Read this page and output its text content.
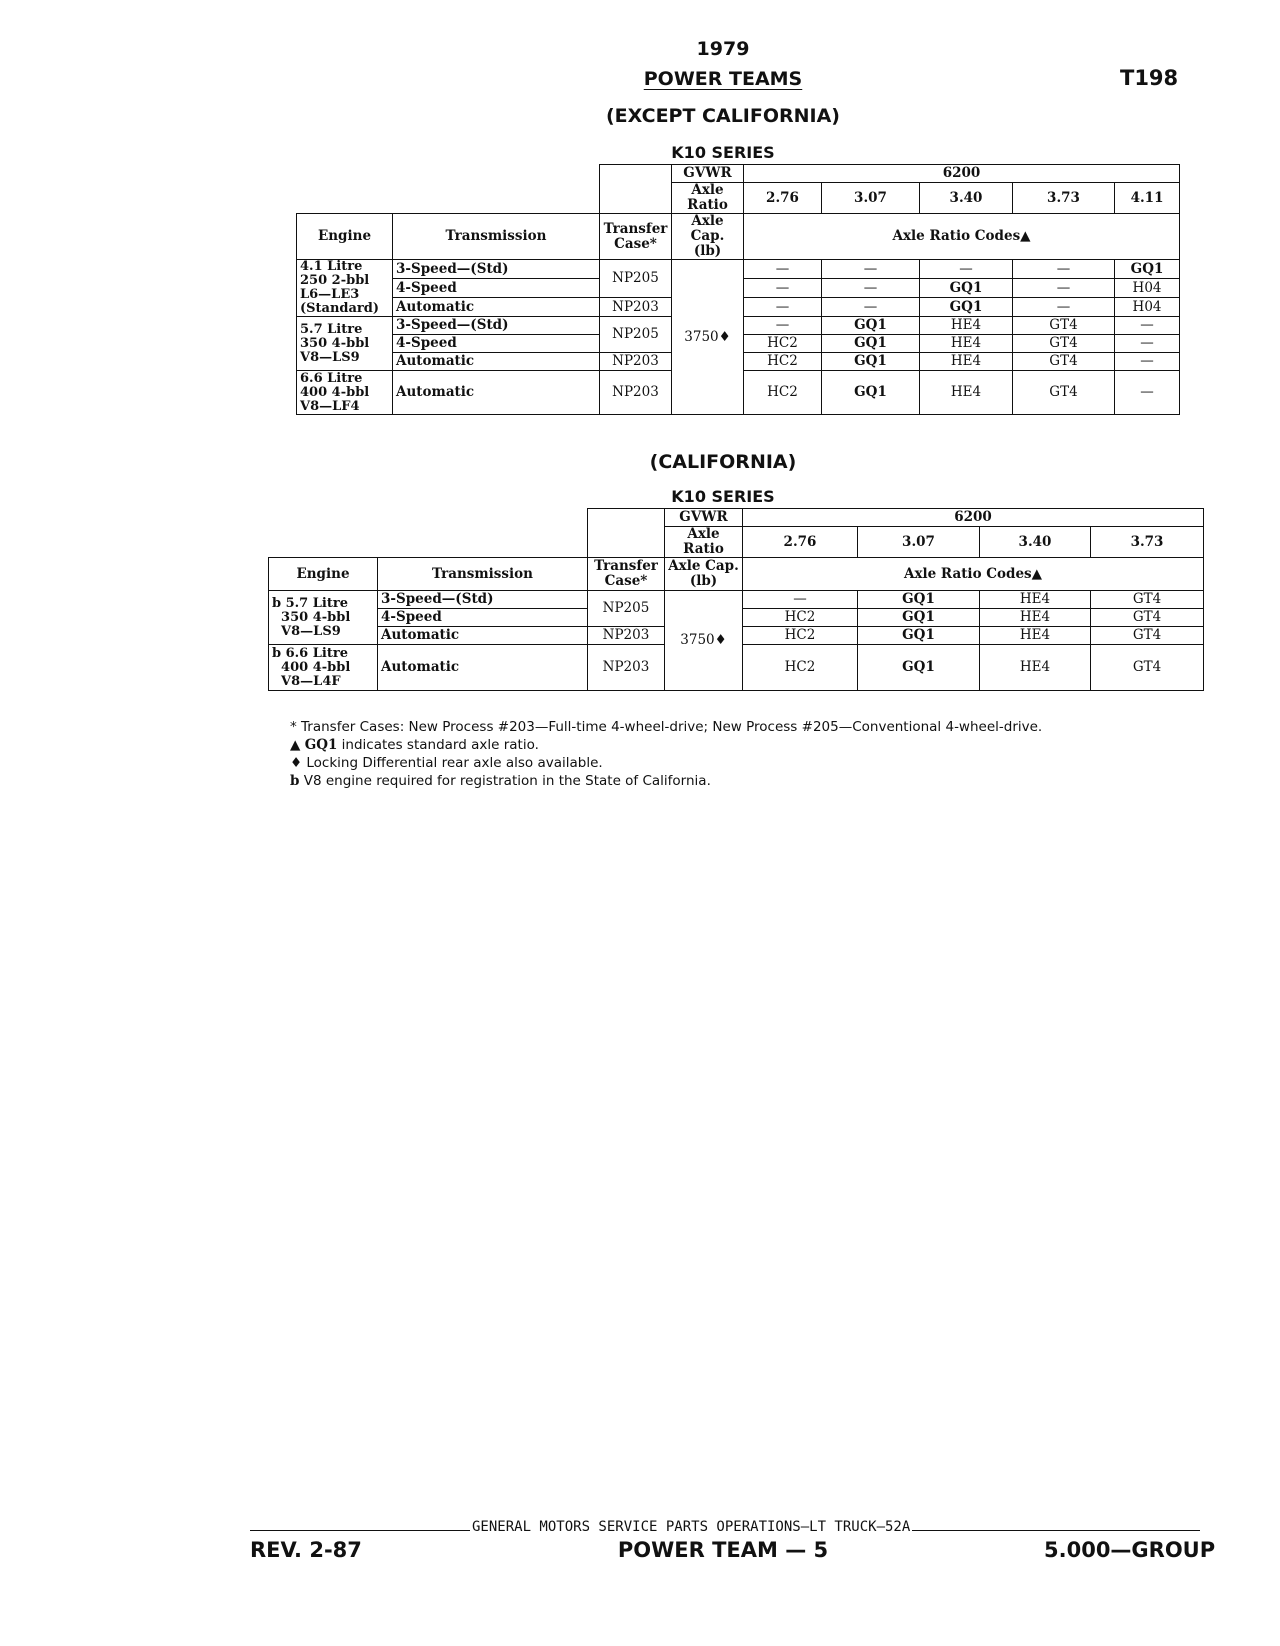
1979
POWER TEAMS	T198
(EXCEPT CALIFORNIA)
K10 SERIES
			GVWR	6200				
			Axle Ratio	2.76	3.07	3.40	3.73	4.11
Engine	Transmission	Transfer Case*	Axle Cap. (lb)	Axle Ratio Codes▲				

4.1 Litre
250 2-bbl
L6—LE3
(Standard)	3-Speed—(Std)	NP205	3750♦	—	—	—	—	GQ1
	4-Speed			—	—	GQ1	—	H04
	Automatic	NP203		—	—	GQ1	—	H04

5.7 Litre
350 4-bbl
V8—LS9	3-Speed—(Std)	NP205		—	GQ1	HE4	GT4	—
	4-Speed			HC2	GQ1	HE4	GT4	—
	Automatic	NP203		HC2	GQ1	HE4	GT4	—

6.6 Litre
400 4-bbl
V8—LF4	Automatic	NP203		HC2	GQ1	HE4	GT4	—
(CALIFORNIA)
K10 SERIES
			GVWR	6200			
			Axle Ratio	2.76	3.07	3.40	3.73
Engine	Transmission	Transfer Case*	Axle Cap. (lb)	Axle Ratio Codes▲			

b 5.7 Litre
350 4-bbl
V8—LS9	3-Speed—(Std)	NP205	3750♦	—	GQ1	HE4	GT4
	4-Speed			HC2	GQ1	HE4	GT4
	Automatic	NP203		HC2	GQ1	HE4	GT4

b 6.6 Litre
400 4-bbl
V8—L4F	Automatic	NP203		HC2	GQ1	HE4	GT4
* Transfer Cases: New Process #203—Full-time 4-wheel-drive; New Process #205—Conventional 4-wheel-drive.
▲ GQ1 indicates standard axle ratio.
♦ Locking Differential rear axle also available.
b V8 engine required for registration in the State of California.
GENERAL MOTORS SERVICE PARTS OPERATIONS—LT TRUCK—52A
REV. 2-87	POWER TEAM — 5	5.000—GROUP
